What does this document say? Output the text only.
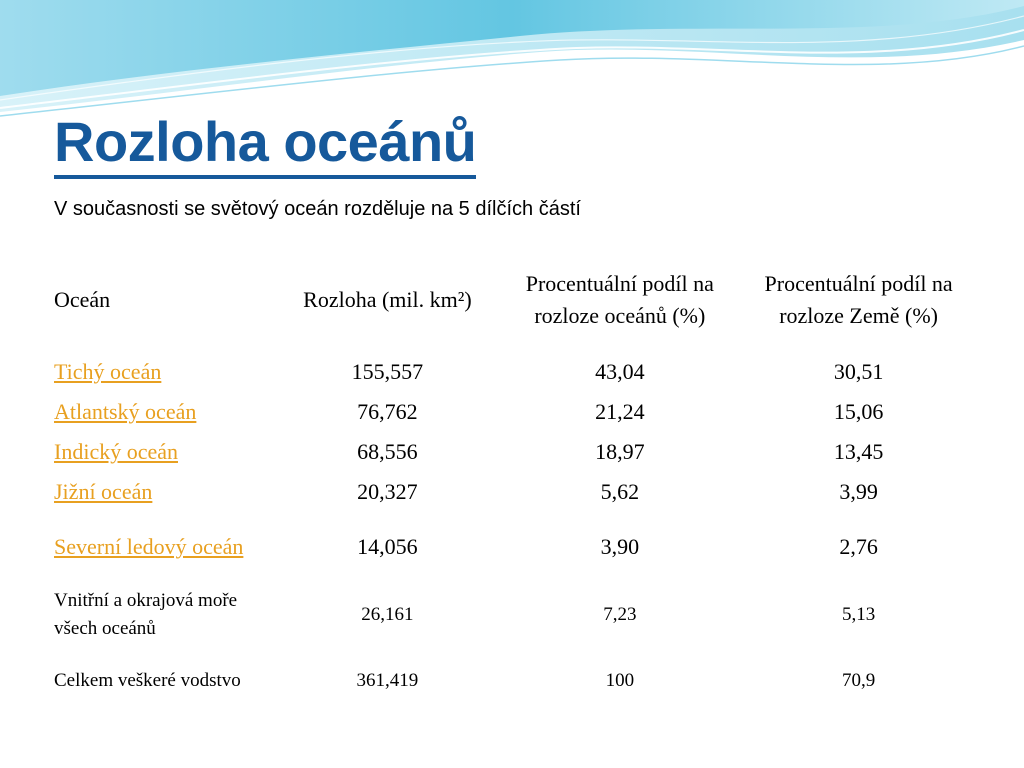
Rozloha oceánů
V současnosti se světový oceán rozděluje na 5 dílčích částí
Oceán	Rozloha (mil. km²)	Procentuální podíl na rozloze oceánů (%)	Procentuální podíl na rozloze Země (%)
Tichý oceán	155,557	43,04	30,51
Atlantský oceán	76,762	21,24	15,06
Indický oceán	68,556	18,97	13,45
Jižní oceán	20,327	5,62	3,99
Severní ledový oceán	14,056	3,90	2,76
Vnitřní a okrajová moře všech oceánů	26,161	7,23	5,13
Celkem veškeré vodstvo	361,419	100	70,9
